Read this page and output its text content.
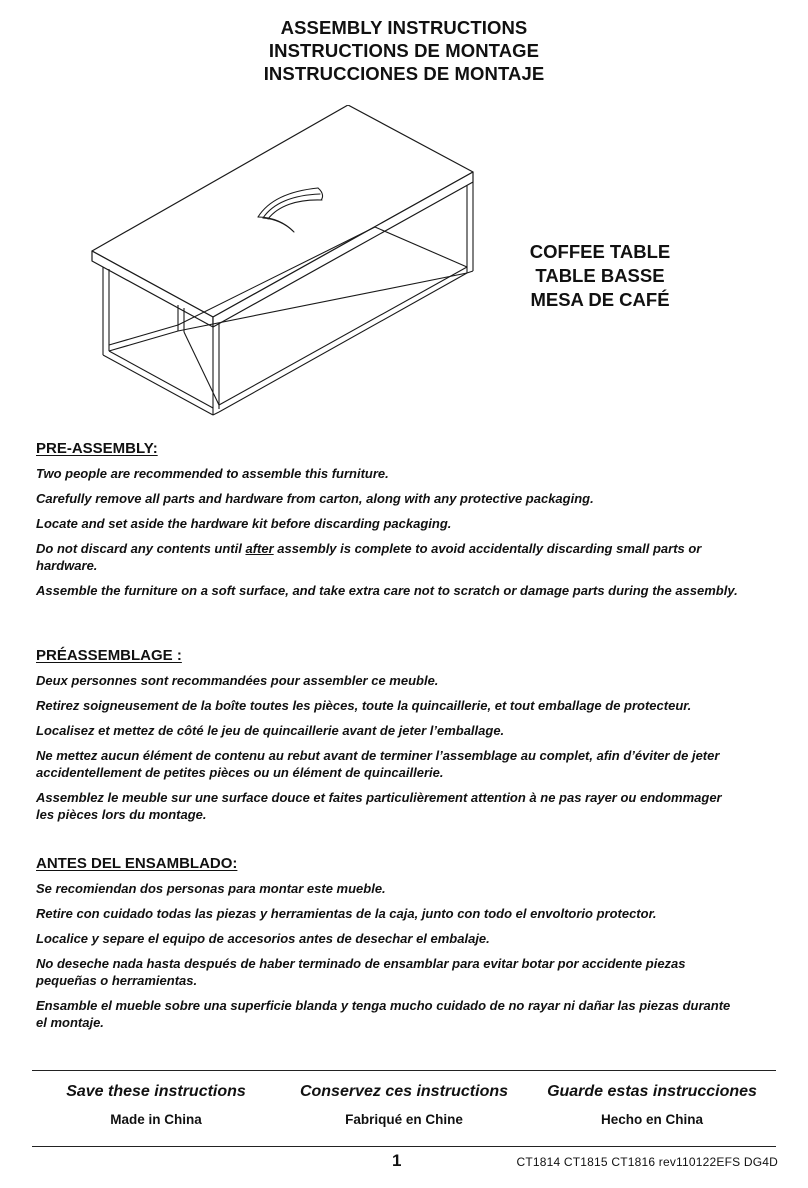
ASSEMBLY INSTRUCTIONS
INSTRUCTIONS DE MONTAGE
INSTRUCCIONES DE MONTAJE
COFFEE TABLE
TABLE BASSE
MESA DE CAFÉ
PRE-ASSEMBLY:

Two people are recommended to assemble this furniture.

Carefully remove all parts and hardware from carton, along with any protective packaging.

Locate and set aside the hardware kit before discarding packaging.

Do not discard any contents until after assembly is complete to avoid accidentally discarding small parts or hardware.

Assemble the furniture on a soft surface, and take extra care not to scratch or damage parts during the assembly.

PRÉASSEMBLAGE :

Deux personnes sont recommandées pour assembler ce meuble.

Retirez soigneusement de la boîte toutes les pièces, toute la quincaillerie, et tout emballage de protecteur.

Localisez et mettez de côté le jeu de quincaillerie avant de jeter l’emballage.

Ne mettez aucun élément de contenu au rebut avant de terminer l’assemblage au complet, afin d’éviter de jeter accidentellement de petites pièces ou un élément de quincaillerie.

Assemblez le meuble sur une surface douce et faites particulièrement attention à ne pas rayer ou endommager les pièces lors du montage.

ANTES DEL ENSAMBLADO:

Se recomiendan dos personas para montar este mueble.

Retire con cuidado todas las piezas y herramientas de la caja, junto con todo el envoltorio protector.

Localice y separe el equipo de accesorios antes de desechar el embalaje.

No deseche nada hasta después de haber terminado de ensamblar para evitar botar por accidente piezas pequeñas o herramientas.

Ensamble el mueble sobre una superficie blanda y tenga mucho cuidado de no rayar ni dañar las piezas durante el montaje.

Save these instructions
Made in China
Conservez ces instructions
Fabriqué en Chine
Guarde estas instrucciones
Hecho en China
1	CT1814 CT1815 CT1816 rev110122EFS DG4D
